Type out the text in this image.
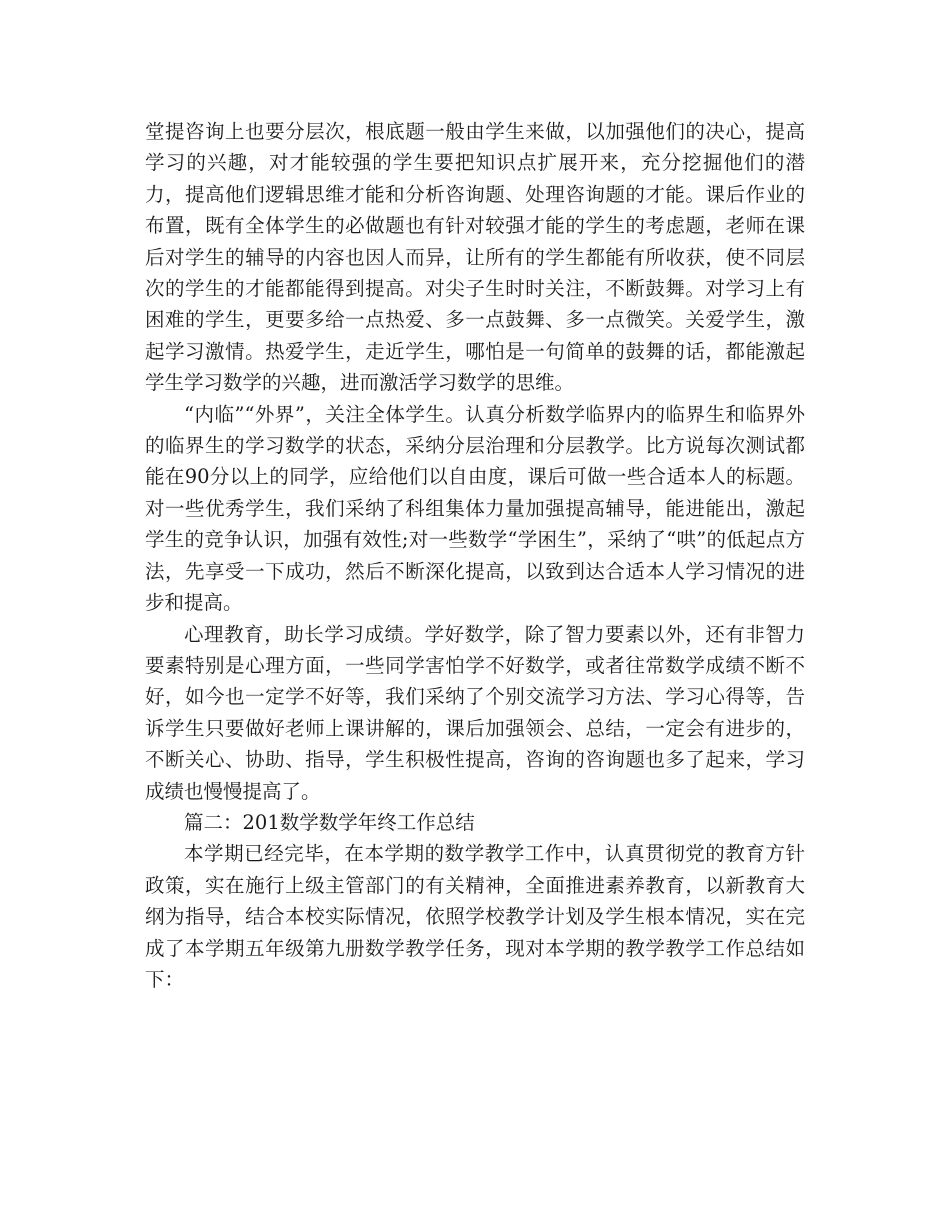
堂提咨询上也要分层次，根底题一般由学生来做，以加强他们的决心，提高学习的兴趣，对才能较强的学生要把知识点扩展开来，充分挖掘他们的潜力，提高他们逻辑思维才能和分析咨询题、处理咨询题的才能。课后作业的布置，既有全体学生的必做题也有针对较强才能的学生的考虑题，老师在课后对学生的辅导的内容也因人而异，让所有的学生都能有所收获，使不同层次的学生的才能都能得到提高。对尖子生时时关注，不断鼓舞。对学习上有困难的学生，更要多给一点热爱、多一点鼓舞、多一点微笑。关爱学生，激起学习激情。热爱学生，走近学生，哪怕是一句简单的鼓舞的话，都能激起学生学习数学的兴趣，进而激活学习数学的思维。

“内临”“外界”，关注全体学生。认真分析数学临界内的临界生和临界外的临界生的学习数学的状态，采纳分层治理和分层教学。比方说每次测试都能在90分以上的同学，应给他们以自由度，课后可做一些合适本人的标题。对一些优秀学生，我们采纳了科组集体力量加强提高辅导，能进能出，激起学生的竞争认识，加强有效性;对一些数学“学困生”，采纳了“哄”的低起点方法，先享受一下成功，然后不断深化提高，以致到达合适本人学习情况的进步和提高。

心理教育，助长学习成绩。学好数学，除了智力要素以外，还有非智力要素特别是心理方面，一些同学害怕学不好数学，或者往常数学成绩不断不好，如今也一定学不好等，我们采纳了个别交流学习方法、学习心得等，告诉学生只要做好老师上课讲解的，课后加强领会、总结，一定会有进步的，不断关心、协助、指导，学生积极性提高，咨询的咨询题也多了起来，学习成绩也慢慢提高了。

篇二：201数学数学年终工作总结

本学期已经完毕，在本学期的数学教学工作中，认真贯彻党的教育方针政策，实在施行上级主管部门的有关精神，全面推进素养教育，以新教育大纲为指导，结合本校实际情况，依照学校教学计划及学生根本情况，实在完成了本学期五年级第九册数学教学任务，现对本学期的教学教学工作总结如下：
